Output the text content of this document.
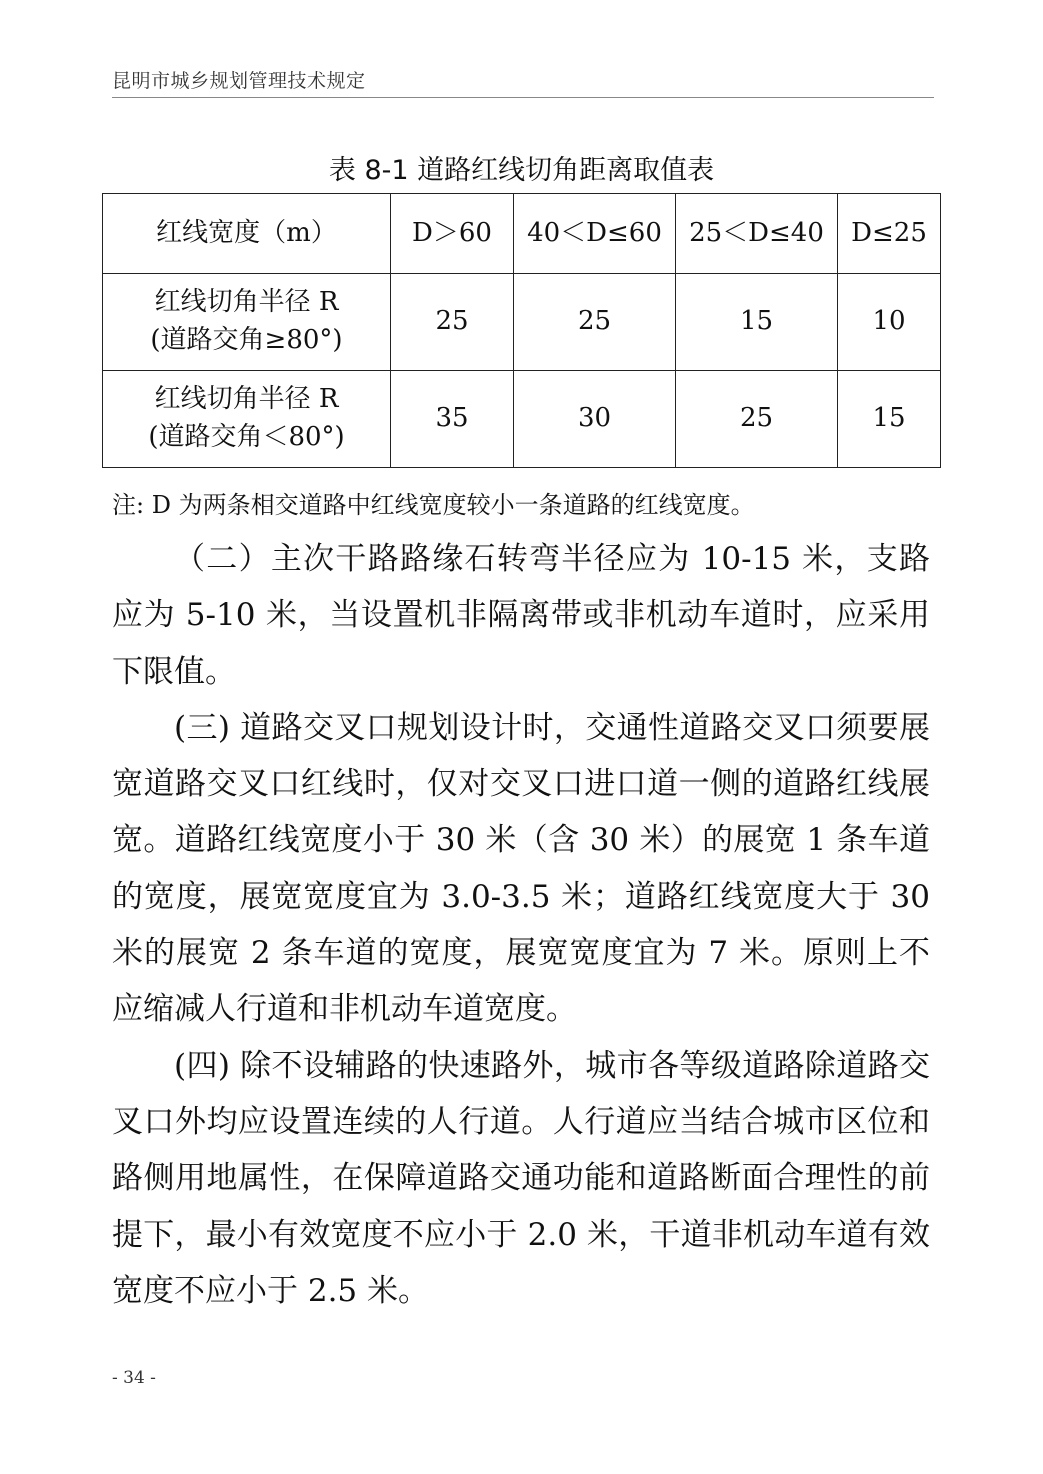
昆明市城乡规划管理技术规定
表 8-1 道路红线切角距离取值表
红线宽度（m）	D＞60	40＜D≤60	25＜D≤40	D≤25

红线切角半径 R
(道路交角≥80°)	25	25	15	10

红线切角半径 R
(道路交角＜80°)	35	30	25	15
注: D 为两条相交道路中红线宽度较小一条道路的红线宽度。

（二）主次干路路缘石转弯半径应为 10-15 米，支路应为 5-10 米，当设置机非隔离带或非机动车道时，应采用下限值。

(三) 道路交叉口规划设计时，交通性道路交叉口须要展宽道路交叉口红线时，仅对交叉口进口道一侧的道路红线展宽。道路红线宽度小于 30 米（含 30 米）的展宽 1 条车道的宽度，展宽宽度宜为 3.0-3.5 米；道路红线宽度大于 30 米的展宽 2 条车道的宽度，展宽宽度宜为 7 米。原则上不应缩减人行道和非机动车道宽度。

(四) 除不设辅路的快速路外，城市各等级道路除道路交叉口外均应设置连续的人行道。人行道应当结合城市区位和路侧用地属性，在保障道路交通功能和道路断面合理性的前提下，最小有效宽度不应小于 2.0 米，干道非机动车道有效宽度不应小于 2.5 米。

- 34 -
